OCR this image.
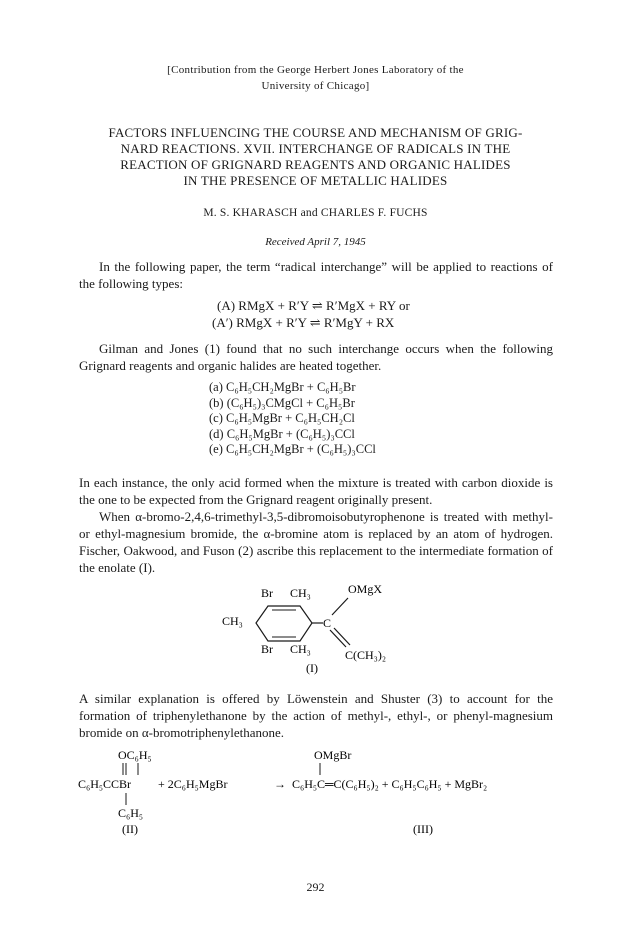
[Contribution from the George Herbert Jones Laboratory of the
University of Chicago]
FACTORS INFLUENCING THE COURSE AND MECHANISM OF GRIG-
NARD REACTIONS. XVII. INTERCHANGE OF RADICALS IN THE
REACTION OF GRIGNARD REAGENTS AND ORGANIC HALIDES
IN THE PRESENCE OF METALLIC HALIDES
M. S. KHARASCH and CHARLES F. FUCHS
Received April 7, 1945
In the following paper, the term “radical interchange” will be applied to reactions of the following types:
(A) RMgX + R′Y ⇌ R′MgX + RY or
(A′) RMgX + R′Y ⇌ R′MgY + RX
Gilman and Jones (1) found that no such interchange occurs when the following Grignard reagents and organic halides are heated together.
(a) C₆H₅CH₂MgBr + C₆H₅Br
(b) (C₆H₅)₃CMgCl + C₆H₅Br
(c) C₆H₅MgBr + C₆H₅CH₂Cl
(d) C₆H₅MgBr + (C₆H₅)₃CCl
(e) C₆H₅CH₂MgBr + (C₆H₅)₃CCl
In each instance, the only acid formed when the mixture is treated with carbon dioxide is the one to be expected from the Grignard reagent originally present.
When α-bromo-2,4,6-trimethyl-3,5-dibromoisobutyrophenone is treated with methyl- or ethyl-magnesium bromide, the α-bromine atom is replaced by an atom of hydrogen. Fischer, Oakwood, and Fuson (2) ascribe this replacement to the intermediate formation of the enolate (I).
Br CH₃	OMgX
CH₃	C
Br CH₃	C(CH₃)₂
(I)
A similar explanation is offered by Löwenstein and Shuster (3) to account for the formation of triphenylethanone by the action of methyl-, ethyl-, or phenyl-magnesium bromide on α-bromotriphenylethanone.
OC₆H₅	OMgBr
C₆H₅CCBr + 2C₆H₅MgBr	→ C₆H₅C═C(C₆H₅)₂ + C₆H₅C₆H₅ + MgBr₂
C₆H₅
(II)	(III)
292
